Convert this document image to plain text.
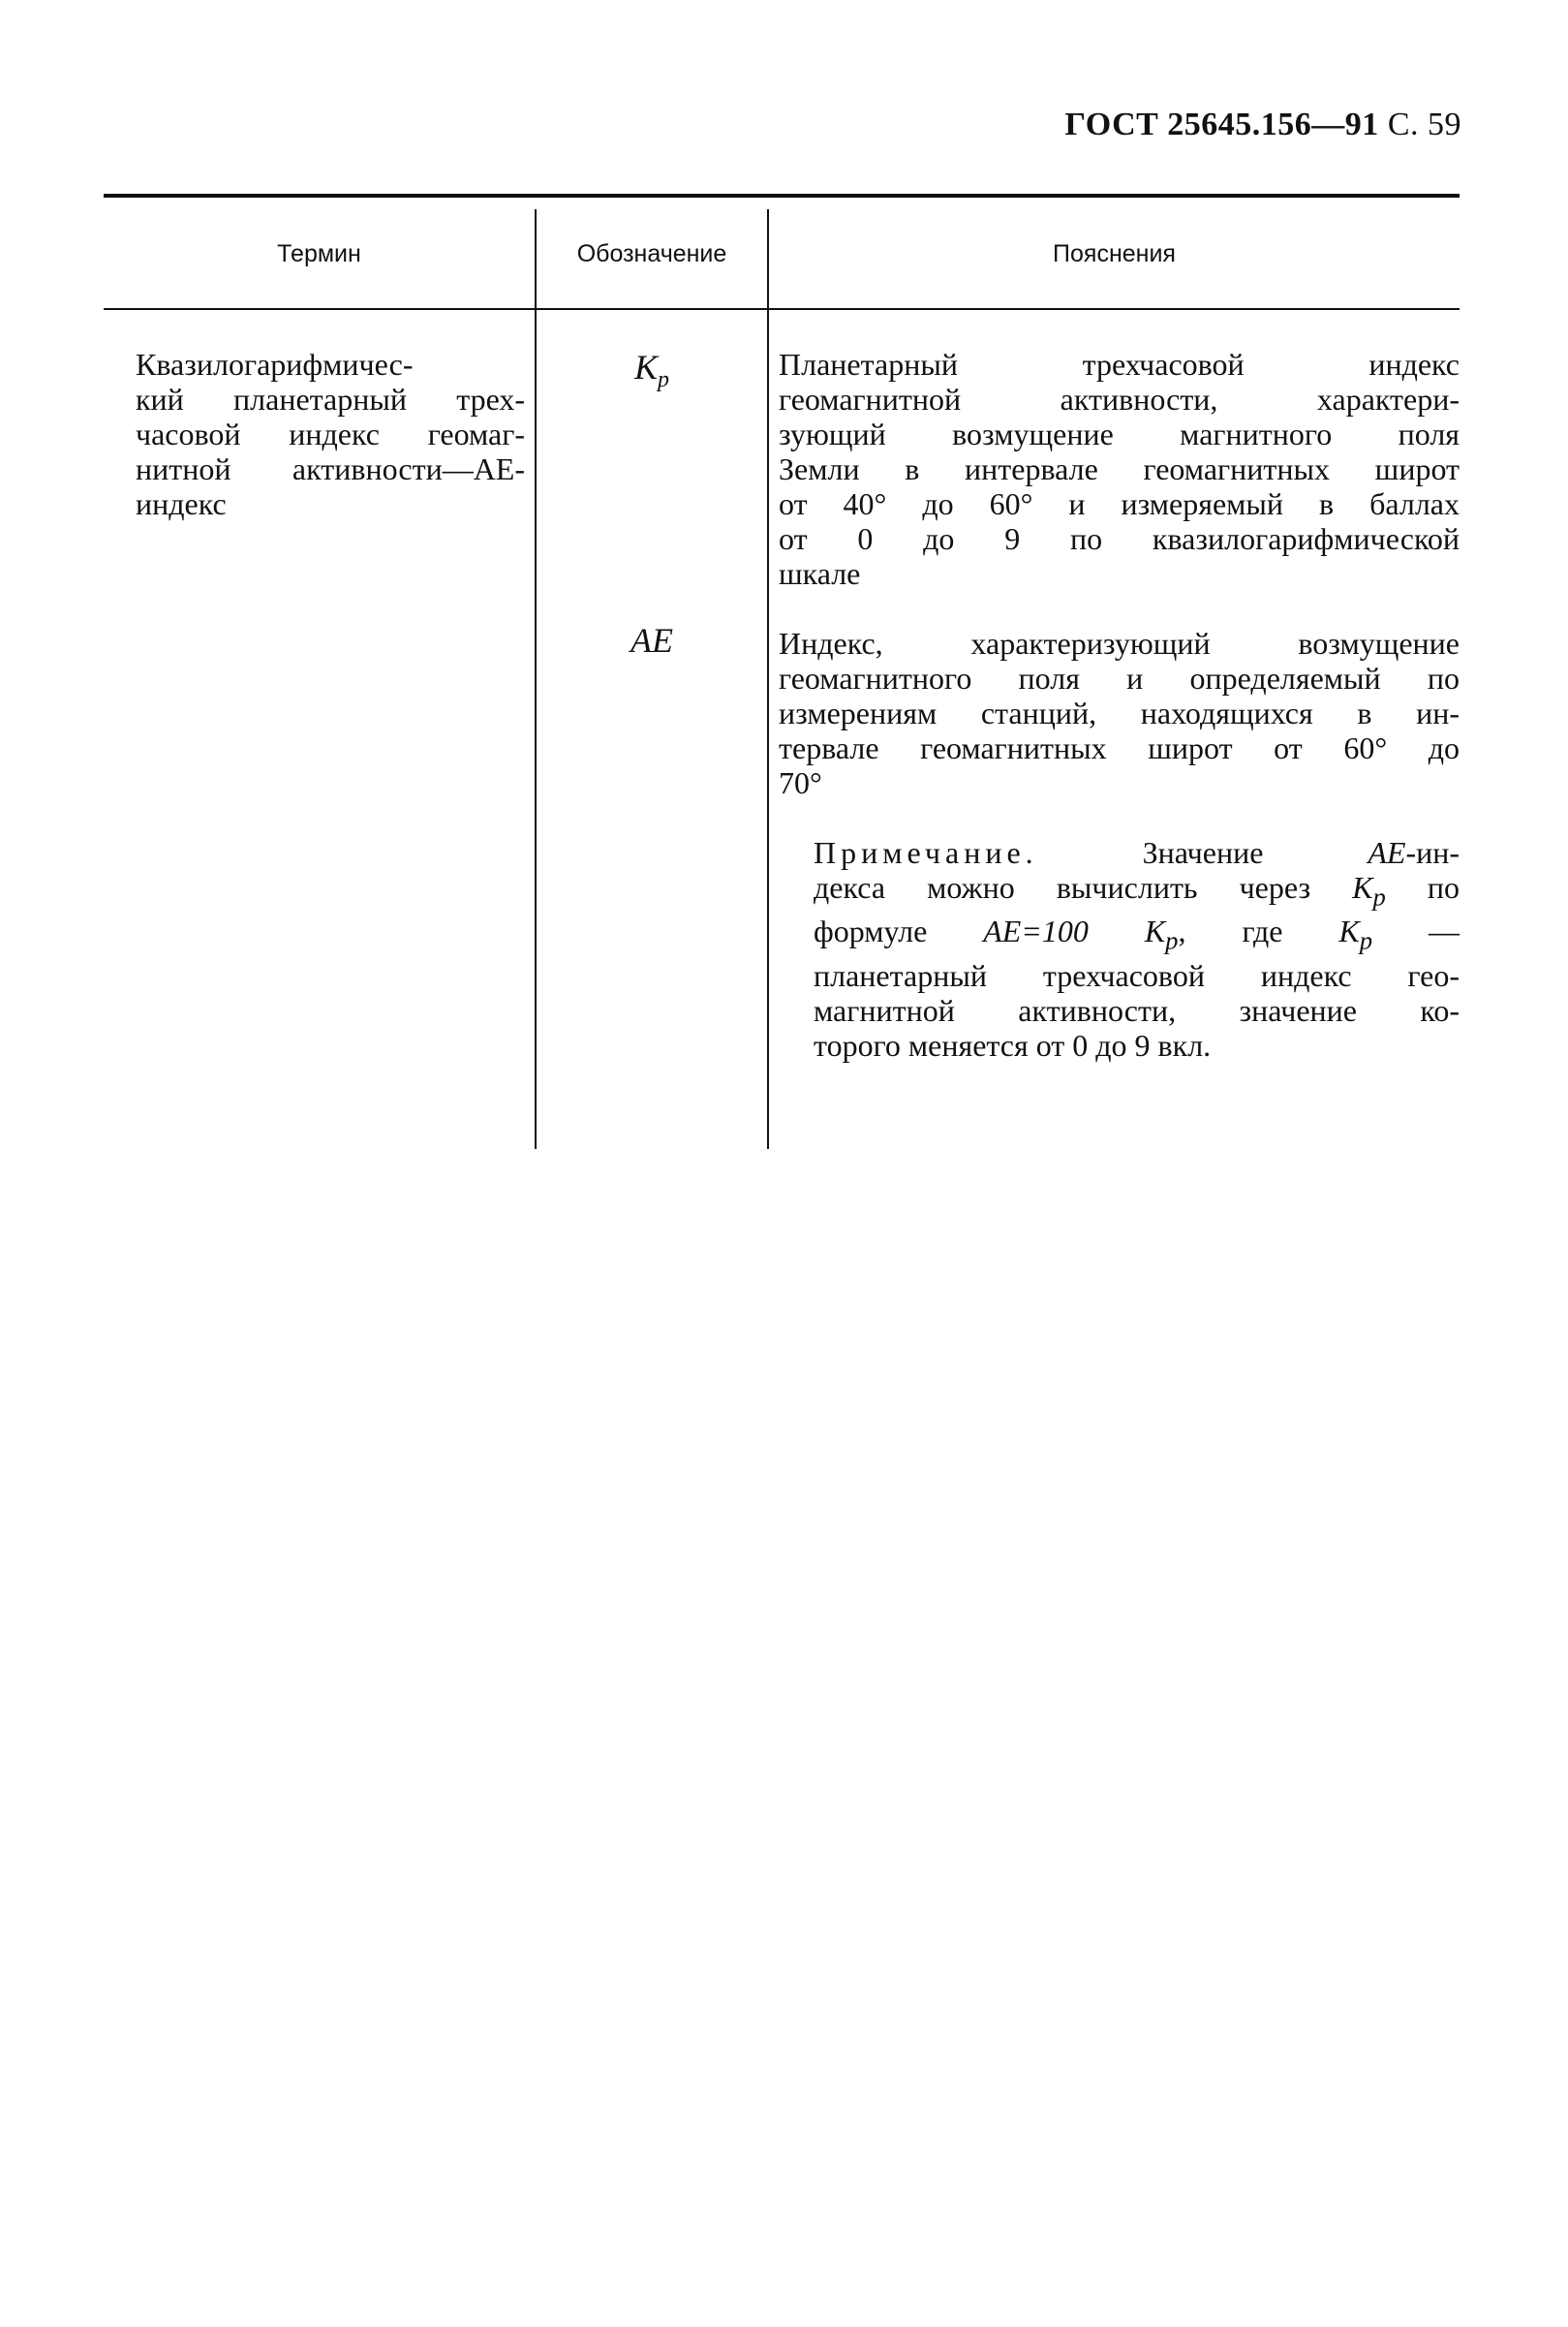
ГОСТ 25645.156—91 С. 59
Термин	Обозначение	Пояснения
Квазилогарифмичес-
кий планетарный трех-
часовой индекс геомаг-
нитной активности—AE-
индекс
$K_p$
AE
Планетарный трехчасовой индекс
геомагнитной активности, характери-
зующий возмущение магнитного поля
Земли в интервале геомагнитных широт
от 40° до 60° и измеряемый в баллах
от 0 до 9 по квазилогарифмической
шкале
Индекс, характеризующий возмущение
геомагнитного поля и определяемый по
измерениям станций, находящихся в ин-
тервале геомагнитных широт от 60° до
70°
Примечание. Значение AE-ин-
декса можно вычислить через $K_p$ по
формуле AE=100 $K_p$, где $K_p$ —
планетарный трехчасовой индекс гео-
магнитной активности, значение ко-
торого меняется от 0 до 9 вкл.
